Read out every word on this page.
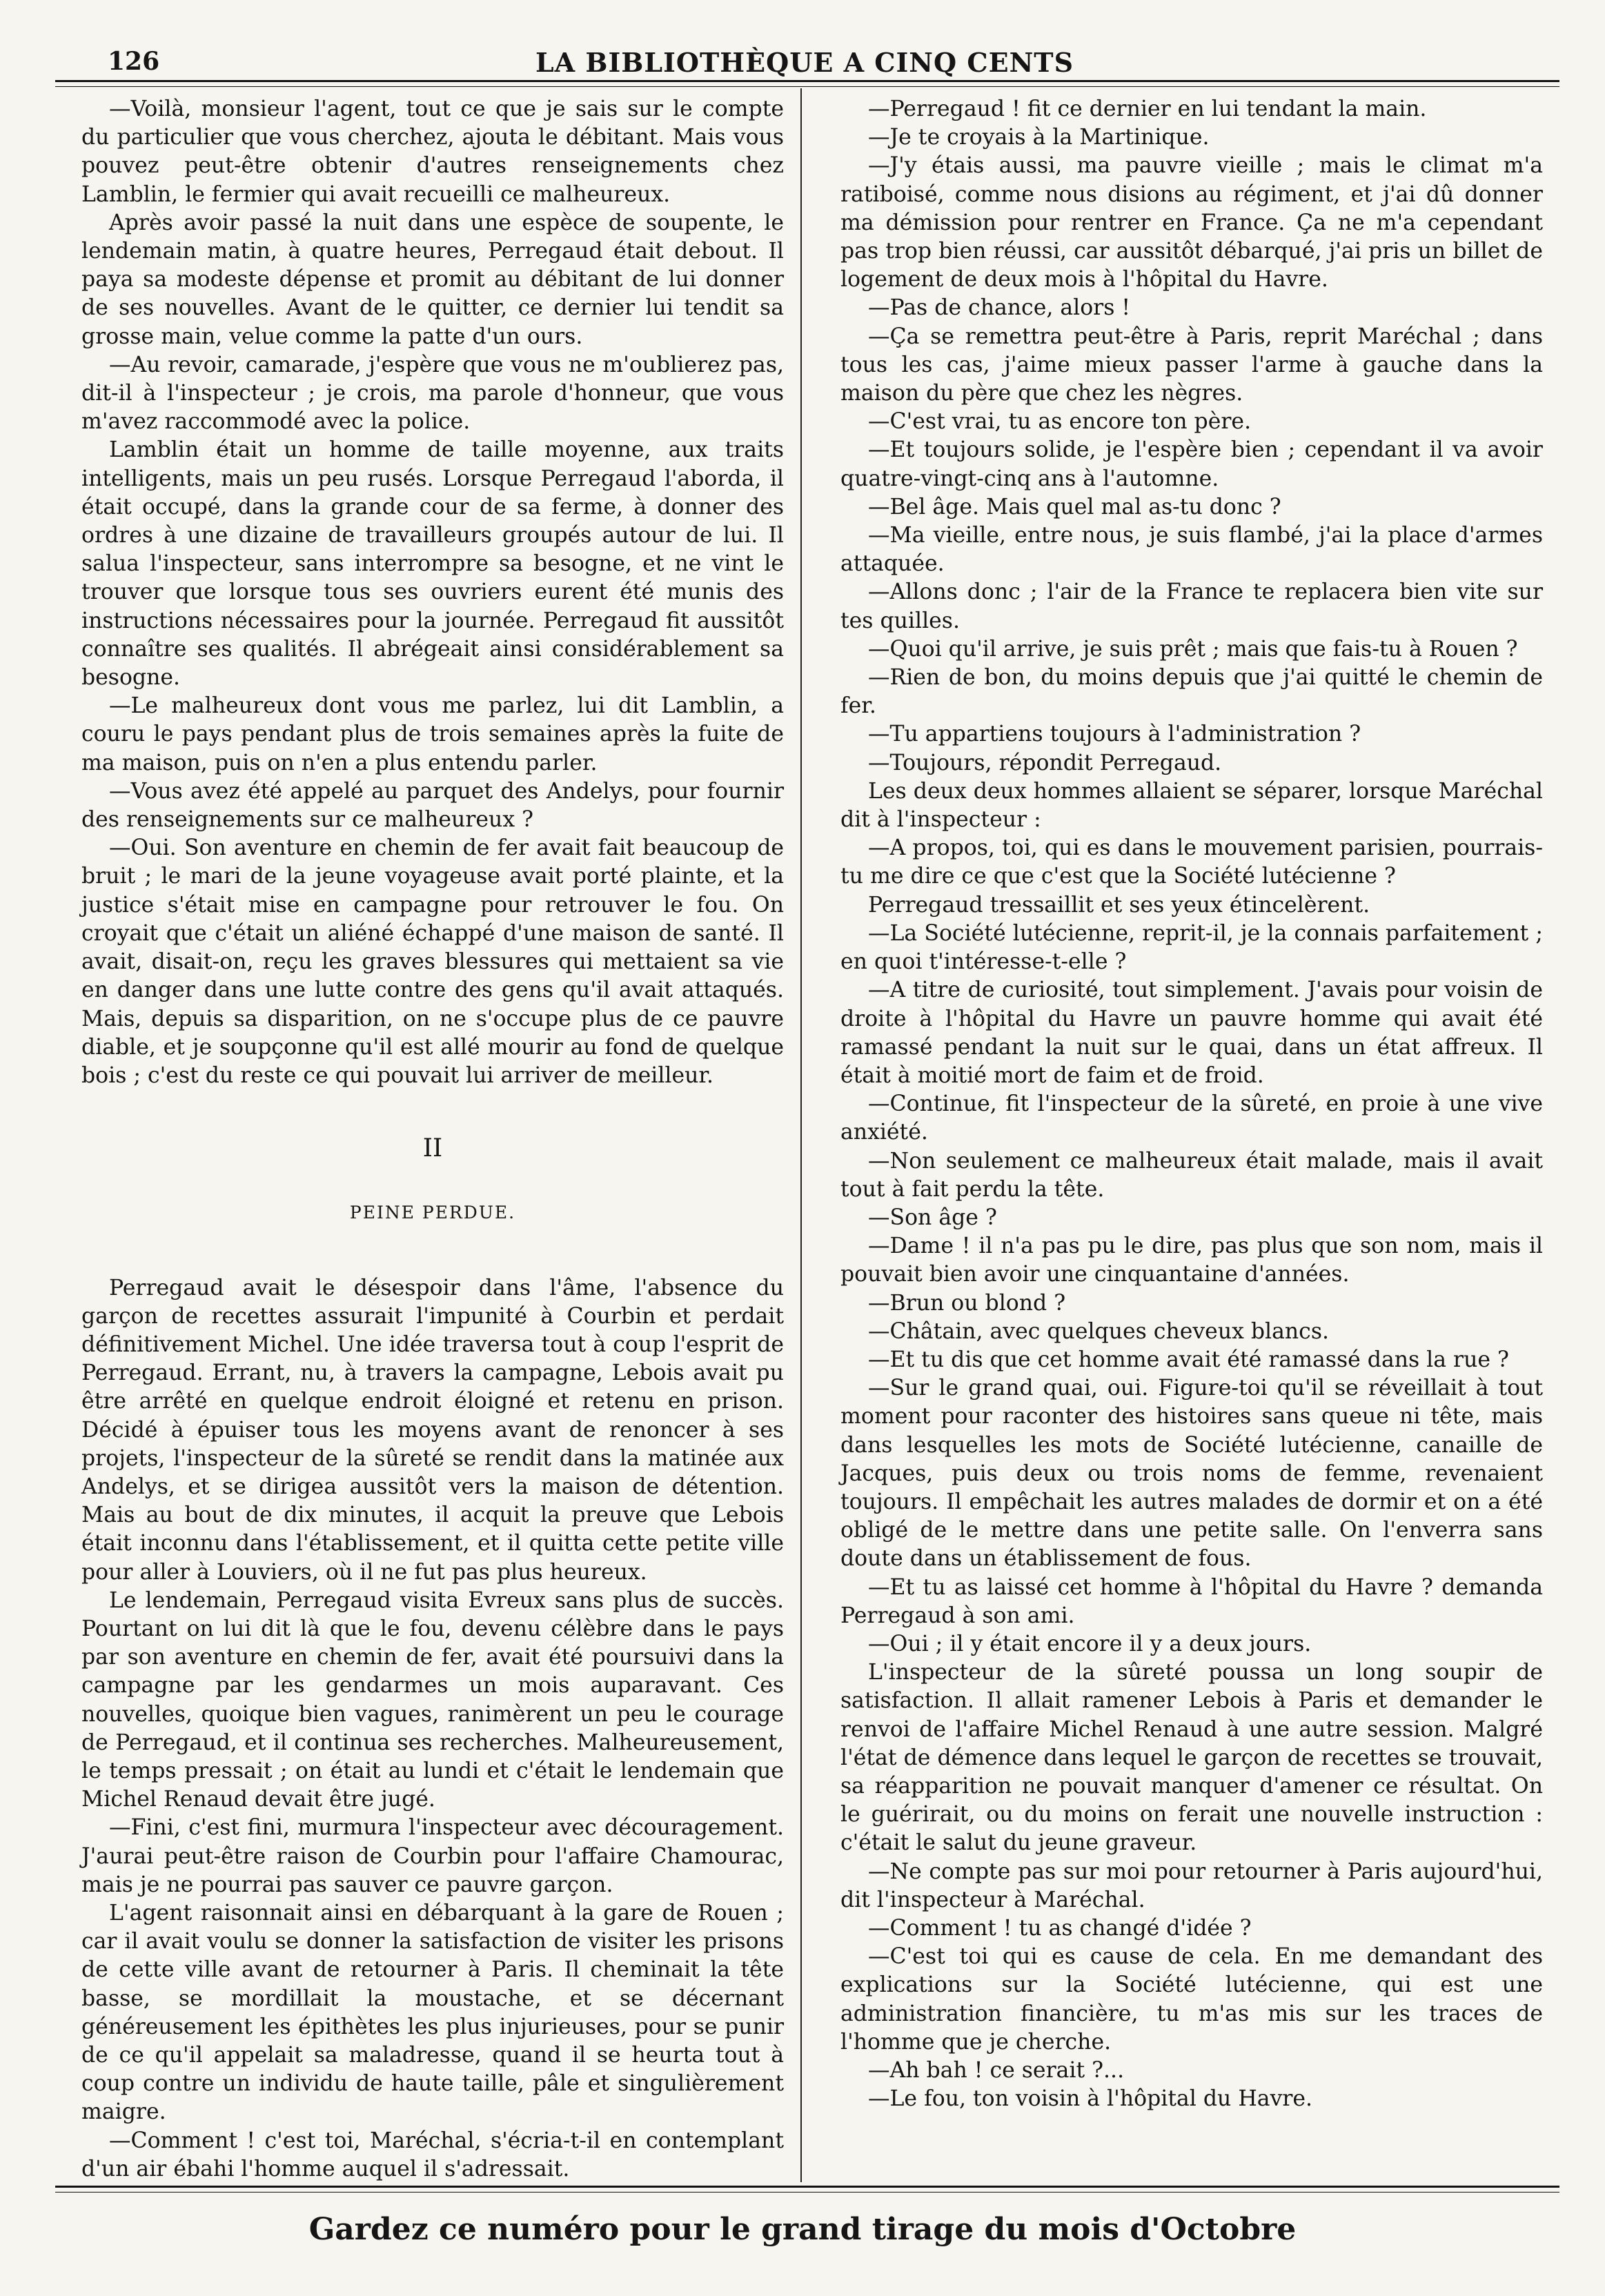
126	LA BIBLIOTHÈQUE A CINQ CENTS

—Voilà, monsieur l'agent, tout ce que je sais sur le compte du particulier que vous cherchez, ajouta le débitant. Mais vous pouvez peut-être obtenir d'autres renseignements chez Lamblin, le fermier qui avait recueilli ce malheureux.

Après avoir passé la nuit dans une espèce de soupente, le lendemain matin, à quatre heures, Perregaud était debout. Il paya sa modeste dépense et promit au débitant de lui donner de ses nouvelles. Avant de le quitter, ce dernier lui tendit sa grosse main, velue comme la patte d'un ours.

—Au revoir, camarade, j'espère que vous ne m'oublierez pas, dit-il à l'inspecteur ; je crois, ma parole d'honneur, que vous m'avez raccommodé avec la police.

Lamblin était un homme de taille moyenne, aux traits intelligents, mais un peu rusés. Lorsque Perregaud l'aborda, il était occupé, dans la grande cour de sa ferme, à donner des ordres à une dizaine de travailleurs groupés autour de lui. Il salua l'inspecteur, sans interrompre sa besogne, et ne vint le trouver que lorsque tous ses ouvriers eurent été munis des instructions nécessaires pour la journée. Perregaud fit aussitôt connaître ses qualités. Il abrégeait ainsi considérablement sa besogne.

—Le malheureux dont vous me parlez, lui dit Lamblin, a couru le pays pendant plus de trois semaines après la fuite de ma maison, puis on n'en a plus entendu parler.

—Vous avez été appelé au parquet des Andelys, pour fournir des renseignements sur ce malheureux ?

—Oui. Son aventure en chemin de fer avait fait beaucoup de bruit ; le mari de la jeune voyageuse avait porté plainte, et la justice s'était mise en campagne pour retrouver le fou. On croyait que c'était un aliéné échappé d'une maison de santé. Il avait, disait-on, reçu les graves blessures qui mettaient sa vie en danger dans une lutte contre des gens qu'il avait attaqués. Mais, depuis sa disparition, on ne s'occupe plus de ce pauvre diable, et je soupçonne qu'il est allé mourir au fond de quelque bois ; c'est du reste ce qui pouvait lui arriver de meilleur.

II
PEINE PERDUE.

Perregaud avait le désespoir dans l'âme, l'absence du garçon de recettes assurait l'impunité à Courbin et perdait définitivement Michel. Une idée traversa tout à coup l'esprit de Perregaud. Errant, nu, à travers la campagne, Lebois avait pu être arrêté en quelque endroit éloigné et retenu en prison. Décidé à épuiser tous les moyens avant de renoncer à ses projets, l'inspecteur de la sûreté se rendit dans la matinée aux Andelys, et se dirigea aussitôt vers la maison de détention. Mais au bout de dix minutes, il acquit la preuve que Lebois était inconnu dans l'établissement, et il quitta cette petite ville pour aller à Louviers, où il ne fut pas plus heureux.

Le lendemain, Perregaud visita Evreux sans plus de succès. Pourtant on lui dit là que le fou, devenu célèbre dans le pays par son aventure en chemin de fer, avait été poursuivi dans la campagne par les gendarmes un mois auparavant. Ces nouvelles, quoique bien vagues, ranimèrent un peu le courage de Perregaud, et il continua ses recherches. Malheureusement, le temps pressait ; on était au lundi et c'était le lendemain que Michel Renaud devait être jugé.

—Fini, c'est fini, murmura l'inspecteur avec découragement. J'aurai peut-être raison de Courbin pour l'affaire Chamourac, mais je ne pourrai pas sauver ce pauvre garçon.

L'agent raisonnait ainsi en débarquant à la gare de Rouen ; car il avait voulu se donner la satisfaction de visiter les prisons de cette ville avant de retourner à Paris. Il cheminait la tête basse, se mordillait la moustache, et se décernant généreusement les épithètes les plus injurieuses, pour se punir de ce qu'il appelait sa maladresse, quand il se heurta tout à coup contre un individu de haute taille, pâle et singulièrement maigre.

—Comment ! c'est toi, Maréchal, s'écria-t-il en contemplant d'un air ébahi l'homme auquel il s'adressait.

—Perregaud ! fit ce dernier en lui tendant la main.

—Je te croyais à la Martinique.

—J'y étais aussi, ma pauvre vieille ; mais le climat m'a ratiboisé, comme nous disions au régiment, et j'ai dû donner ma démission pour rentrer en France. Ça ne m'a cependant pas trop bien réussi, car aussitôt débarqué, j'ai pris un billet de logement de deux mois à l'hôpital du Havre.

—Pas de chance, alors !

—Ça se remettra peut-être à Paris, reprit Maréchal ; dans tous les cas, j'aime mieux passer l'arme à gauche dans la maison du père que chez les nègres.

—C'est vrai, tu as encore ton père.

—Et toujours solide, je l'espère bien ; cependant il va avoir quatre-vingt-cinq ans à l'automne.

—Bel âge. Mais quel mal as-tu donc ?

—Ma vieille, entre nous, je suis flambé, j'ai la place d'armes attaquée.

—Allons donc ; l'air de la France te replacera bien vite sur tes quilles.

—Quoi qu'il arrive, je suis prêt ; mais que fais-tu à Rouen ?

—Rien de bon, du moins depuis que j'ai quitté le chemin de fer.

—Tu appartiens toujours à l'administration ?

—Toujours, répondit Perregaud.

Les deux deux hommes allaient se séparer, lorsque Maréchal dit à l'inspecteur :

—A propos, toi, qui es dans le mouvement parisien, pourrais-tu me dire ce que c'est que la Société lutécienne ?

Perregaud tressaillit et ses yeux étincelèrent.

—La Société lutécienne, reprit-il, je la connais parfaitement ; en quoi t'intéresse-t-elle ?

—A titre de curiosité, tout simplement. J'avais pour voisin de droite à l'hôpital du Havre un pauvre homme qui avait été ramassé pendant la nuit sur le quai, dans un état affreux. Il était à moitié mort de faim et de froid.

—Continue, fit l'inspecteur de la sûreté, en proie à une vive anxiété.

—Non seulement ce malheureux était malade, mais il avait tout à fait perdu la tête.

—Son âge ?

—Dame ! il n'a pas pu le dire, pas plus que son nom, mais il pouvait bien avoir une cinquantaine d'années.

—Brun ou blond ?

—Châtain, avec quelques cheveux blancs.

—Et tu dis que cet homme avait été ramassé dans la rue ?

—Sur le grand quai, oui. Figure-toi qu'il se réveillait à tout moment pour raconter des histoires sans queue ni tête, mais dans lesquelles les mots de Société lutécienne, canaille de Jacques, puis deux ou trois noms de femme, revenaient toujours. Il empêchait les autres malades de dormir et on a été obligé de le mettre dans une petite salle. On l'enverra sans doute dans un établissement de fous.

—Et tu as laissé cet homme à l'hôpital du Havre ? demanda Perregaud à son ami.

—Oui ; il y était encore il y a deux jours.

L'inspecteur de la sûreté poussa un long soupir de satisfaction. Il allait ramener Lebois à Paris et demander le renvoi de l'affaire Michel Renaud à une autre session. Malgré l'état de démence dans lequel le garçon de recettes se trouvait, sa réapparition ne pouvait manquer d'amener ce résultat. On le guérirait, ou du moins on ferait une nouvelle instruction : c'était le salut du jeune graveur.

—Ne compte pas sur moi pour retourner à Paris aujourd'hui, dit l'inspecteur à Maréchal.

—Comment ! tu as changé d'idée ?

—C'est toi qui es cause de cela. En me demandant des explications sur la Société lutécienne, qui est une administration financière, tu m'as mis sur les traces de l'homme que je cherche.

—Ah bah ! ce serait ?...

—Le fou, ton voisin à l'hôpital du Havre.

Gardez ce numéro pour le grand tirage du mois d'Octobre
